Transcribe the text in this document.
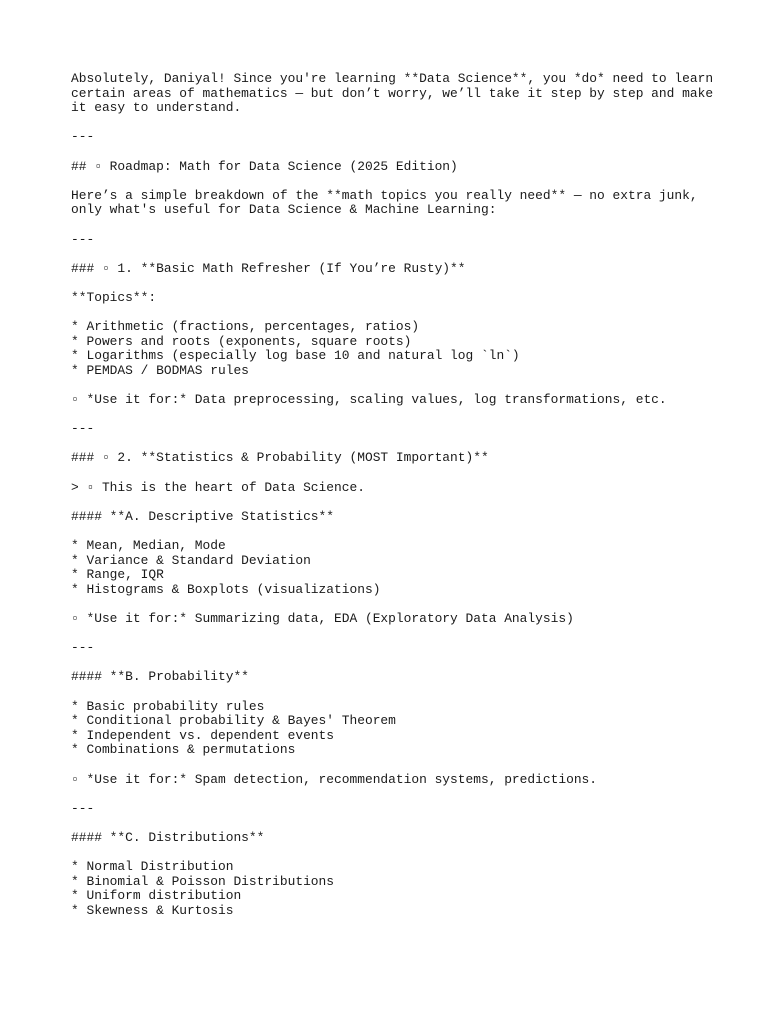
Absolutely, Daniyal! Since you're learning **Data Science**, you *do* need to learn
certain areas of mathematics — but don’t worry, we’ll take it step by step and make
it easy to understand.
---
## ▫ Roadmap: Math for Data Science (2025 Edition)
Here’s a simple breakdown of the **math topics you really need** — no extra junk,
only what's useful for Data Science & Machine Learning:
---
### ▫ 1. **Basic Math Refresher (If You’re Rusty)**
**Topics**:
* Arithmetic (fractions, percentages, ratios)
* Powers and roots (exponents, square roots)
* Logarithms (especially log base 10 and natural log `ln`)
* PEMDAS / BODMAS rules
▫ *Use it for:* Data preprocessing, scaling values, log transformations, etc.
---
### ▫ 2. **Statistics & Probability (MOST Important)**
> ▫ This is the heart of Data Science.
#### **A. Descriptive Statistics**
* Mean, Median, Mode
* Variance & Standard Deviation
* Range, IQR
* Histograms & Boxplots (visualizations)
▫ *Use it for:* Summarizing data, EDA (Exploratory Data Analysis)
---
#### **B. Probability**
* Basic probability rules
* Conditional probability & Bayes' Theorem
* Independent vs. dependent events
* Combinations & permutations
▫ *Use it for:* Spam detection, recommendation systems, predictions.
---
#### **C. Distributions**
* Normal Distribution
* Binomial & Poisson Distributions
* Uniform distribution
* Skewness & Kurtosis
